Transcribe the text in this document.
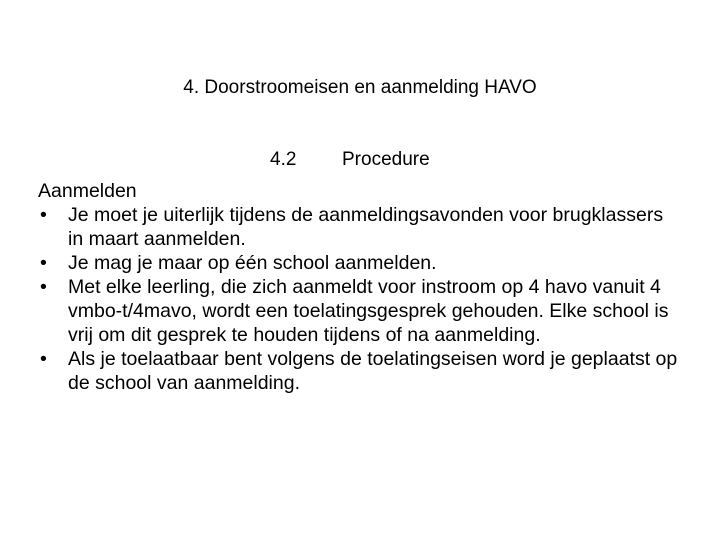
4. Doorstroomeisen en aanmelding HAVO
4.2 Procedure
Aanmelden
•	Je moet je uiterlijk tijdens de aanmeldingsavonden voor brugklassers in maart aanmelden.
•	Je mag je maar op één school aanmelden.
•	Met elke leerling, die zich aanmeldt voor instroom op 4 havo vanuit 4 vmbo-t/4mavo, wordt een toelatingsgesprek gehouden. Elke school is vrij om dit gesprek te houden tijdens of na aanmelding.
•	Als je toelaatbaar bent volgens de toelatingseisen word je geplaatst op de school van aanmelding.
